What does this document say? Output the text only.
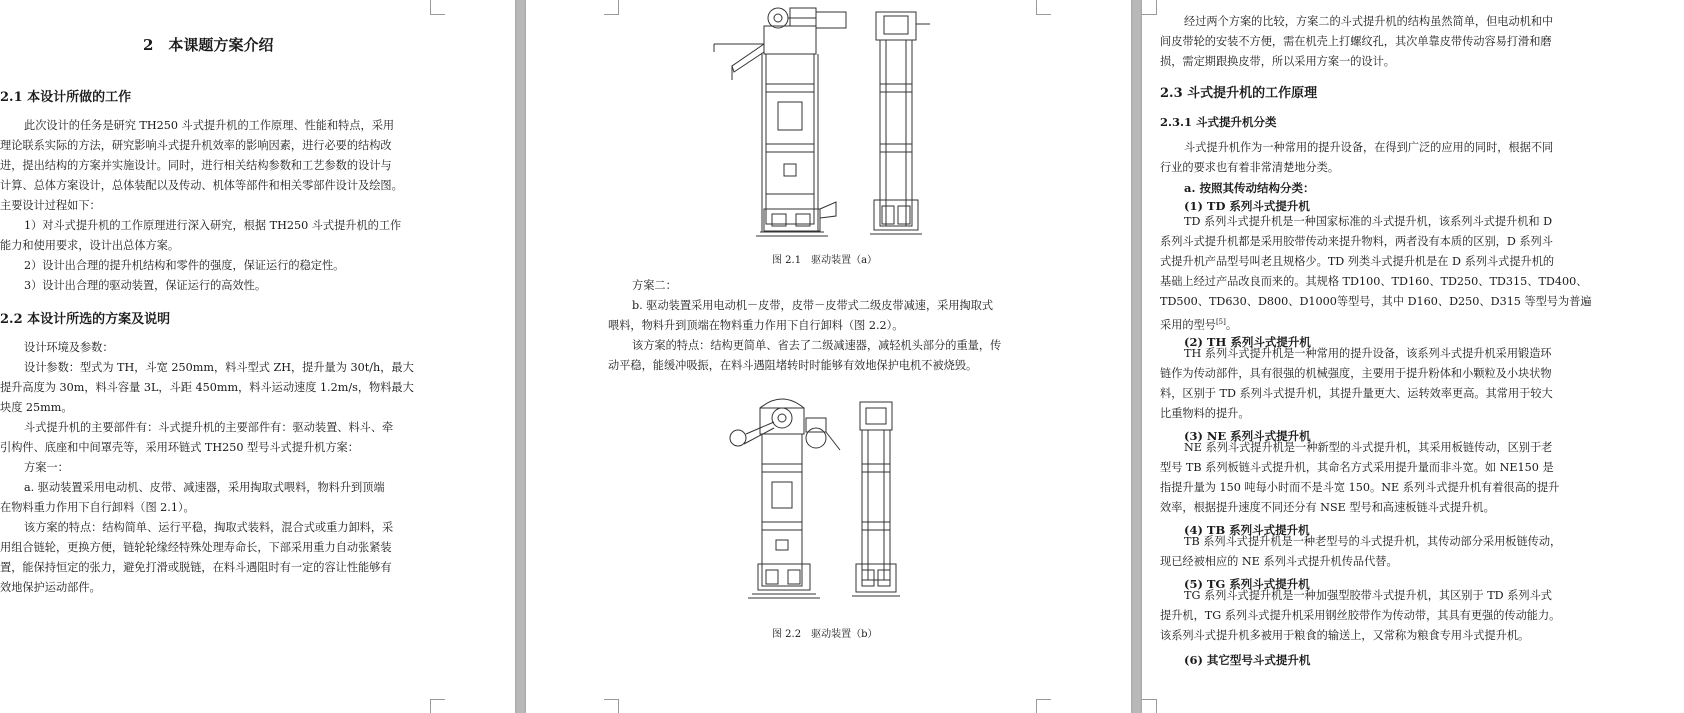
2　本课题方案介绍
2.1 本设计所做的工作
此次设计的任务是研究 TH250 斗式提升机的工作原理、性能和特点，采用
理论联系实际的方法，研究影响斗式提升机效率的影响因素，进行必要的结构改
进，提出结构的方案并实施设计。同时，进行相关结构参数和工艺参数的设计与
计算、总体方案设计，总体装配以及传动、机体等部件和相关零部件设计及绘图。
主要设计过程如下：
1）对斗式提升机的工作原理进行深入研究，根据 TH250 斗式提升机的工作
能力和使用要求，设计出总体方案。
2）设计出合理的提升机结构和零件的强度，保证运行的稳定性。
3）设计出合理的驱动装置，保证运行的高效性。
2.2 本设计所选的方案及说明
设计环境及参数：
设计参数：型式为 TH，斗宽 250mm，料斗型式 ZH，提升量为 30t/h，最大
提升高度为 30m，料斗容量 3L，斗距 450mm，料斗运动速度 1.2m/s，物料最大
块度 25mm。
斗式提升机的主要部件有：斗式提升机的主要部件有：驱动装置、料斗、牵
引构件、底座和中间罩壳等，采用环链式 TH250 型号斗式提升机方案：
方案一：
a. 驱动装置采用电动机、皮带、减速器，采用掏取式喂料，物料升到顶端
在物料重力作用下自行卸料（图 2.1）。
该方案的特点：结构简单、运行平稳，掏取式装料，混合式或重力卸料，采
用组合链轮，更换方便，链轮轮缘经特殊处理寿命长，下部采用重力自动张紧装
置，能保持恒定的张力，避免打滑或脱链，在料斗遇阻时有一定的容让性能够有
效地保护运动部件。
图 2.1　驱动装置（a）
方案二：
b. 驱动装置采用电动机－皮带，皮带－皮带式二级皮带减速，采用掏取式
喂料，物料升到顶端在物料重力作用下自行卸料（图 2.2）。
该方案的特点：结构更简单、省去了二级减速器，减轻机头部分的重量，传
动平稳，能缓冲吸振，在料斗遇阻堵转时时能够有效地保护电机不被烧毁。
图 2.2　驱动装置（b）
经过两个方案的比较，方案二的斗式提升机的结构虽然简单，但电动机和中
间皮带轮的安装不方便，需在机壳上打螺纹孔，其次单靠皮带传动容易打滑和磨
损，需定期跟换皮带，所以采用方案一的设计。
2.3 斗式提升机的工作原理
2.3.1 斗式提升机分类
斗式提升机作为一种常用的提升设备，在得到广泛的应用的同时，根据不同
行业的要求也有着非常清楚地分类。
a. 按照其传动结构分类：
(1) TD 系列斗式提升机
TD 系列斗式提升机是一种国家标准的斗式提升机，该系列斗式提升机和 D
系列斗式提升机都是采用胶带传动来提升物料，两者没有本质的区别，D 系列斗
式提升机产品型号叫老且规格少。TD 列类斗式提升机是在 D 系列斗式提升机的
基础上经过产品改良而来的。其规格 TD100、TD160、TD250、TD315、TD400、
TD500、TD630、D800、D1000等型号，其中 D160、D250、D315 等型号为普遍
采用的型号[5]。
(2) TH 系列斗式提升机
TH 系列斗式提升机是一种常用的提升设备，该系列斗式提升机采用锻造环
链作为传动部件，具有很强的机械强度，主要用于提升粉体和小颗粒及小块状物
料，区别于 TD 系列斗式提升机，其提升量更大、运转效率更高。其常用于较大
比重物料的提升。
(3) NE 系列斗式提升机
NE 系列斗式提升机是一种新型的斗式提升机，其采用板链传动，区别于老
型号 TB 系列板链斗式提升机，其命名方式采用提升量而非斗宽。如 NE150 是
指提升量为 150 吨每小时而不是斗宽 150。NE 系列斗式提升机有着很高的提升
效率，根据提升速度不同还分有 NSE 型号和高速板链斗式提升机。
(4) TB 系列斗式提升机
TB 系列斗式提升机是一种老型号的斗式提升机，其传动部分采用板链传动，
现已经被相应的 NE 系列斗式提升机传品代替。
(5) TG 系列斗式提升机
TG 系列斗式提升机是一种加强型胶带斗式提升机，其区别于 TD 系列斗式
提升机，TG 系列斗式提升机采用钢丝胶带作为传动带，其具有更强的传动能力。
该系列斗式提升机多被用于粮食的输送上，又常称为粮食专用斗式提升机。
(6) 其它型号斗式提升机
